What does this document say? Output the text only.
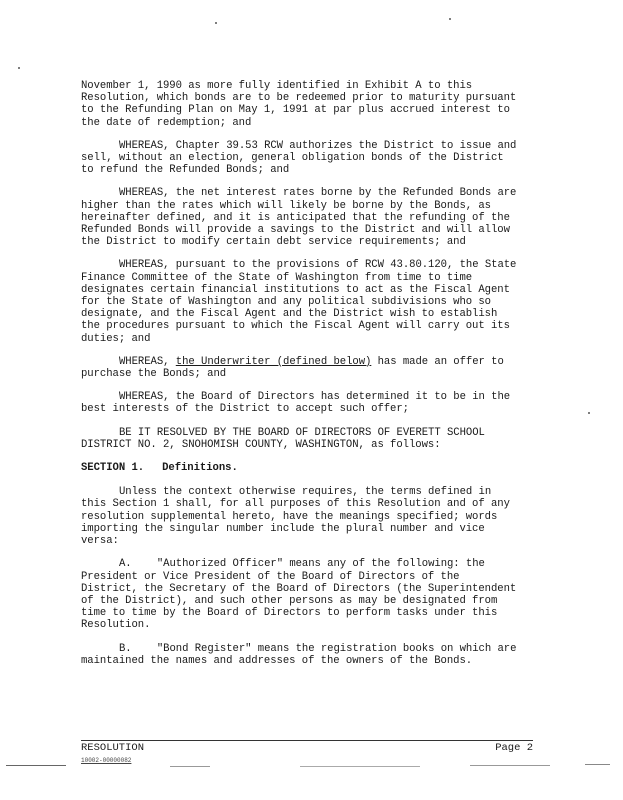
November 1, 1990 as more fully identified in Exhibit A to this Resolution, which bonds are to be redeemed prior to maturity pursuant to the Refunding Plan on May 1, 1991 at par plus accrued interest to the date of redemption; and

WHEREAS, Chapter 39.53 RCW authorizes the District to issue and sell, without an election, general obligation bonds of the District to refund the Refunded Bonds; and

WHEREAS, the net interest rates borne by the Refunded Bonds are higher than the rates which will likely be borne by the Bonds, as hereinafter defined, and it is anticipated that the refunding of the Refunded Bonds will provide a savings to the District and will allow the District to modify certain debt service requirements; and

WHEREAS, pursuant to the provisions of RCW 43.80.120, the State Finance Committee of the State of Washington from time to time designates certain financial institutions to act as the Fiscal Agent for the State of Washington and any political subdivisions who so designate, and the Fiscal Agent and the District wish to establish the procedures pursuant to which the Fiscal Agent will carry out its duties; and

WHEREAS, the Underwriter (defined below) has made an offer to purchase the Bonds; and

WHEREAS, the Board of Directors has determined it to be in the best interests of the District to accept such offer;

BE IT RESOLVED BY THE BOARD OF DIRECTORS OF EVERETT SCHOOL DISTRICT NO. 2, SNOHOMISH COUNTY, WASHINGTON, as follows:

SECTION 1. Definitions.

Unless the context otherwise requires, the terms defined in this Section 1 shall, for all purposes of this Resolution and of any resolution supplemental hereto, have the meanings specified; words importing the singular number include the plural number and vice versa:

A. "Authorized Officer" means any of the following: the President or Vice President of the Board of Directors of the District, the Secretary of the Board of Directors (the Superintendent of the District), and such other persons as may be designated from time to time by the Board of Directors to perform tasks under this Resolution.

B. "Bond Register" means the registration books on which are maintained the names and addresses of the owners of the Bonds.

RESOLUTION	Page 2
10002-00000082
